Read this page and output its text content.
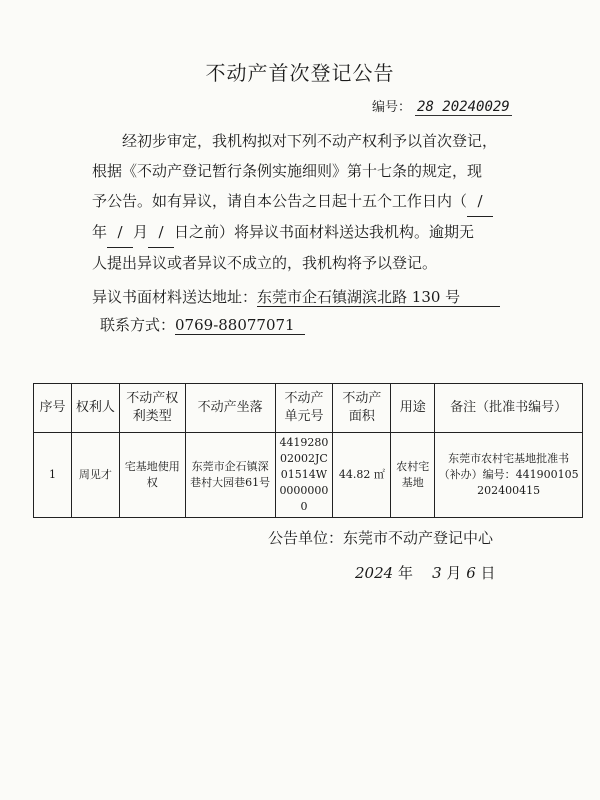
不动产首次登记公告
编号： 28 20240029

经初步审定，我机构拟对下列不动产权利予以首次登记，

根据《不动产登记暂行条例实施细则》第十七条的规定，现

予公告。如有异议，请自本公告之日起十五个工作日内（ /

年 / 月 / 日之前）将异议书面材料送达我机构。逾期无

人提出异议或者异议不成立的，我机构将予以登记。

异议书面材料送达地址：东莞市企石镇湖滨北路 130 号
联系方式：0769-88077071
序号	权利人	不动产权利类型	不动产坐落	不动产单元号	不动产面积	用途	备注（批准书编号）
1	周见才	宅基地使用权	东莞市企石镇深巷村大园巷61号	441928002002JC01514W00000000	44.82 ㎡	农村宅基地	东莞市农村宅基地批准书（补办）编号：441900105202400415
公告单位：东莞市不动产登记中心
2024 年 3 月 6 日
